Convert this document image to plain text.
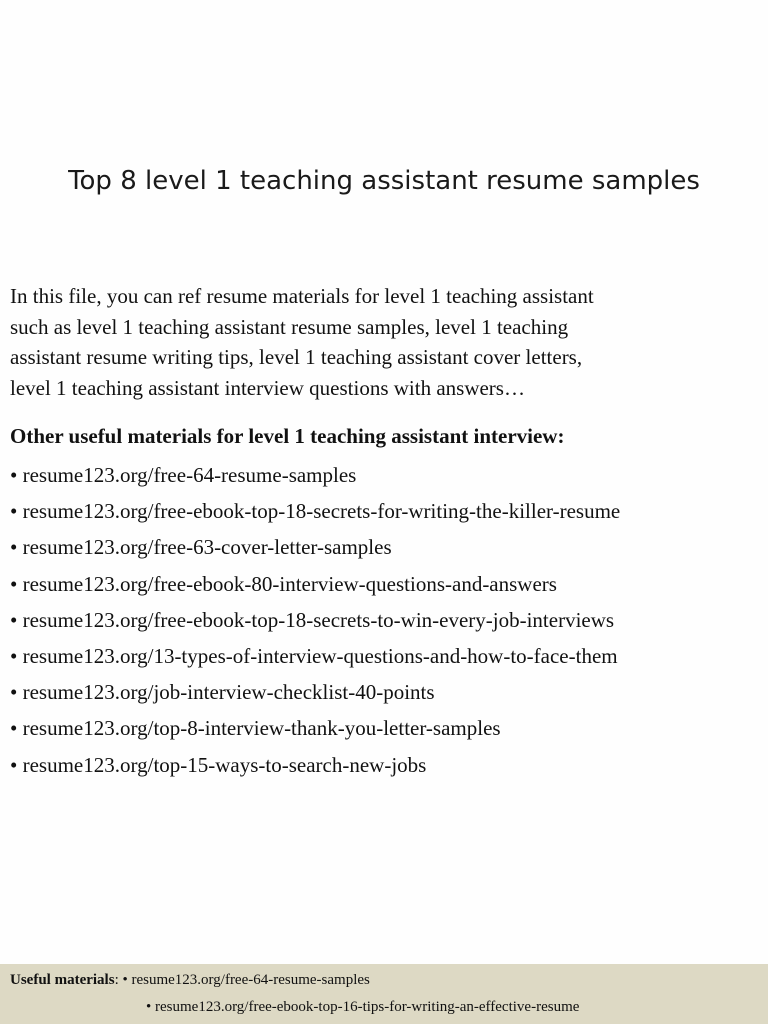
Top 8 level 1 teaching assistant resume samples
In this file, you can ref resume materials for level 1 teaching assistant
such as level 1 teaching assistant resume samples, level 1 teaching
assistant resume writing tips, level 1 teaching assistant cover letters,
level 1 teaching assistant interview questions with answers…
Other useful materials for level 1 teaching assistant interview:
• resume123.org/free-64-resume-samples
• resume123.org/free-ebook-top-18-secrets-for-writing-the-killer-resume
• resume123.org/free-63-cover-letter-samples
• resume123.org/free-ebook-80-interview-questions-and-answers
• resume123.org/free-ebook-top-18-secrets-to-win-every-job-interviews
• resume123.org/13-types-of-interview-questions-and-how-to-face-them
• resume123.org/job-interview-checklist-40-points
• resume123.org/top-8-interview-thank-you-letter-samples
• resume123.org/top-15-ways-to-search-new-jobs
Useful materials: • resume123.org/free-64-resume-samples
• resume123.org/free-ebook-top-16-tips-for-writing-an-effective-resume
